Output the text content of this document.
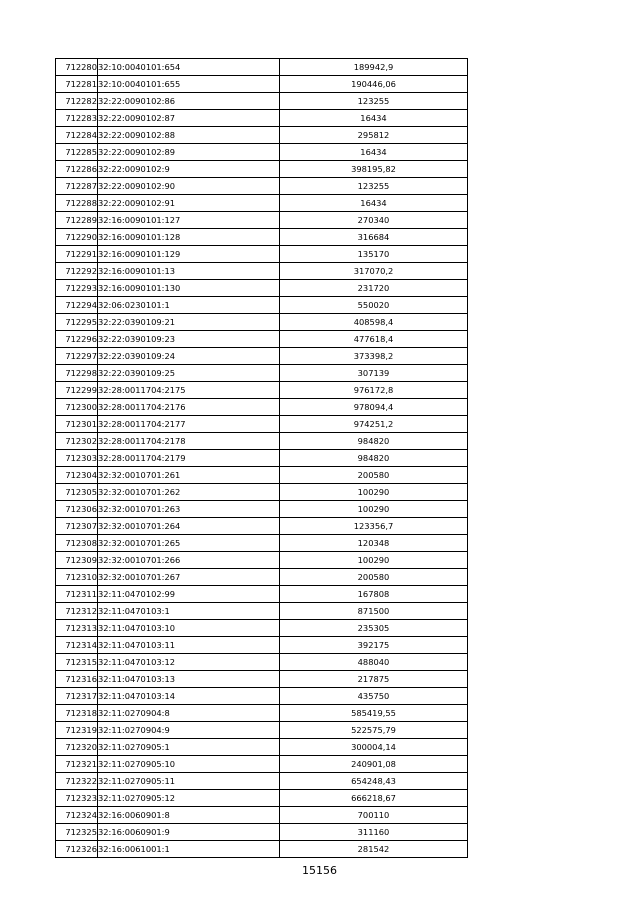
712280	32:10:0040101:654	189942,9
712281	32:10:0040101:655	190446,06
712282	32:22:0090102:86	123255
712283	32:22:0090102:87	16434
712284	32:22:0090102:88	295812
712285	32:22:0090102:89	16434
712286	32:22:0090102:9	398195,82
712287	32:22:0090102:90	123255
712288	32:22:0090102:91	16434
712289	32:16:0090101:127	270340
712290	32:16:0090101:128	316684
712291	32:16:0090101:129	135170
712292	32:16:0090101:13	317070,2
712293	32:16:0090101:130	231720
712294	32:06:0230101:1	550020
712295	32:22:0390109:21	408598,4
712296	32:22:0390109:23	477618,4
712297	32:22:0390109:24	373398,2
712298	32:22:0390109:25	307139
712299	32:28:0011704:2175	976172,8
712300	32:28:0011704:2176	978094,4
712301	32:28:0011704:2177	974251,2
712302	32:28:0011704:2178	984820
712303	32:28:0011704:2179	984820
712304	32:32:0010701:261	200580
712305	32:32:0010701:262	100290
712306	32:32:0010701:263	100290
712307	32:32:0010701:264	123356,7
712308	32:32:0010701:265	120348
712309	32:32:0010701:266	100290
712310	32:32:0010701:267	200580
712311	32:11:0470102:99	167808
712312	32:11:0470103:1	871500
712313	32:11:0470103:10	235305
712314	32:11:0470103:11	392175
712315	32:11:0470103:12	488040
712316	32:11:0470103:13	217875
712317	32:11:0470103:14	435750
712318	32:11:0270904:8	585419,55
712319	32:11:0270904:9	522575,79
712320	32:11:0270905:1	300004,14
712321	32:11:0270905:10	240901,08
712322	32:11:0270905:11	654248,43
712323	32:11:0270905:12	666218,67
712324	32:16:0060901:8	700110
712325	32:16:0060901:9	311160
712326	32:16:0061001:1	281542
15156
